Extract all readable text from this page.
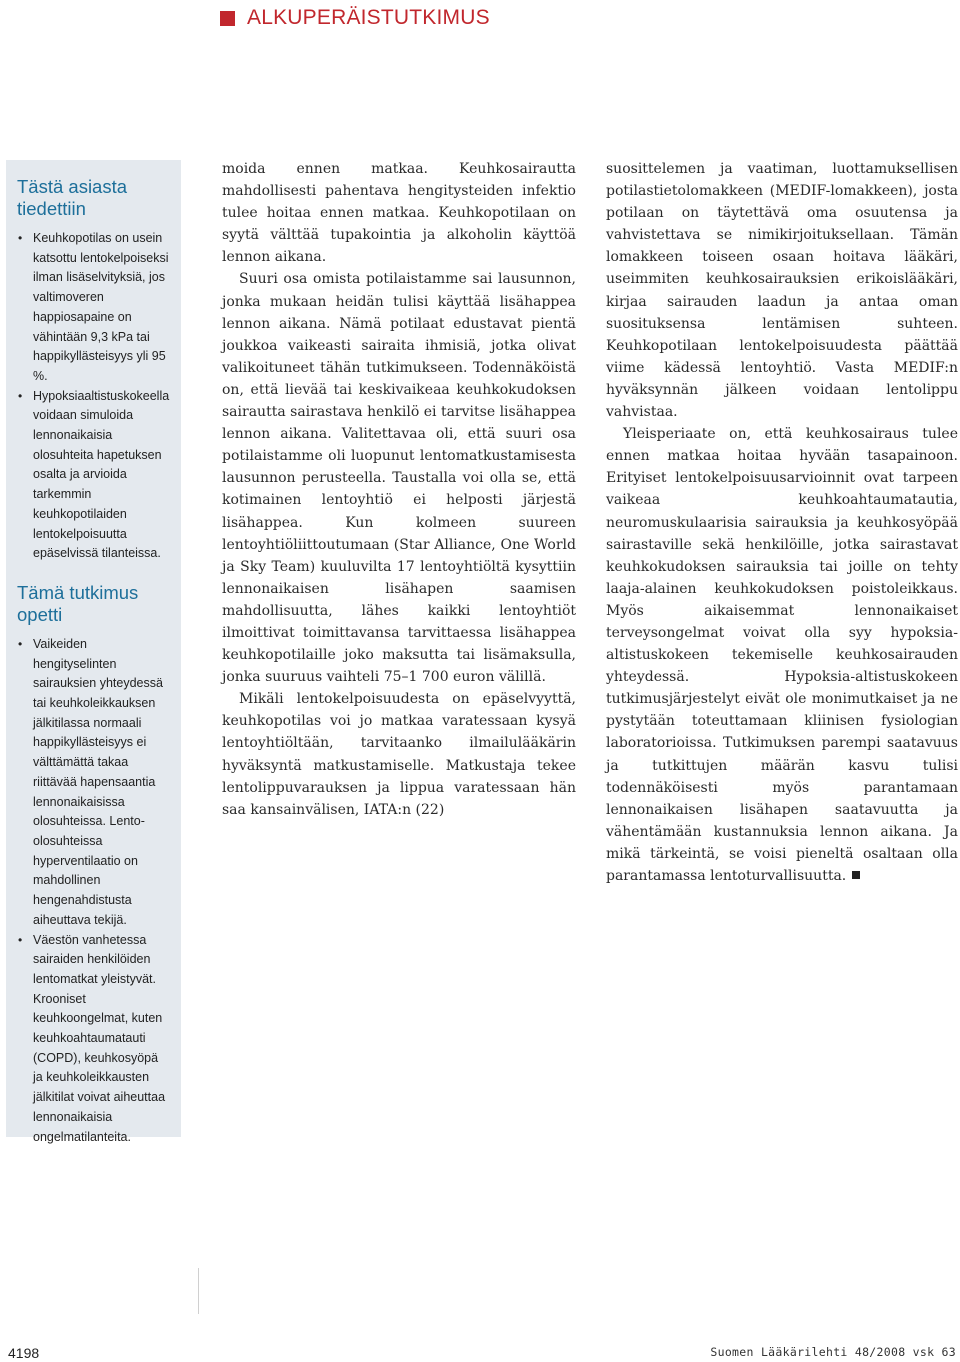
ALKUPERÄISTUTKIMUS
Tästä asiasta tiedettiin
• Keuhkopotilas on usein katsottu lentokelpoiseksi ilman lisäselvityksiä, jos valtimoveren happiosapaine on vähintään 9,3 kPa tai happikyllästeisyys yli 95 %.
• Hypoksiaaltistuskokeella voidaan simuloida lennonaikaisia olosuhteita hapetuksen osalta ja arvioida tarkemmin keuhkopotilaiden lentokelpoisuutta epäselvissä tilanteissa.
Tämä tutkimus opetti
• Vaikeiden hengityselinten sairauksien yhteydessä tai keuhkoleikkauksen jälkitilassa normaali happikyllästeisyys ei välttämättä takaa riittävää hapensaantia lennonaikaisissa olosuhteissa. Lento-olosuhteissa hyperventilaatio on mahdollinen hengenahdistusta aiheuttava tekijä.
• Väestön vanhetessa sairaiden henkilöiden lentomatkat yleistyvät. Krooniset keuhkoongelmat, kuten keuhkoahtaumatauti (COPD), keuhkosyöpä ja keuhkoleikkausten jälkitilat voivat aiheuttaa lennonaikaisia ongelmatilanteita.

moida ennen matkaa. Keuhkosairautta mahdollisesti pahentava hengitysteiden infektio tulee hoitaa ennen matkaa. Keuhkopotilaan on syytä välttää tupakointia ja alkoholin käyttöä lennon aikana.

Suuri osa omista potilaistamme sai lausunnon, jonka mukaan heidän tulisi käyttää lisähappea lennon aikana. Nämä potilaat edustavat pientä joukkoa vaikeasti sairaita ihmisiä, jotka olivat valikoituneet tähän tutkimukseen. Todennäköistä on, että lievää tai keskivaikeaa keuhkokudoksen sairautta sairastava henkilö ei tarvitse lisähappea lennon aikana. Valitettavaa oli, että suuri osa potilaistamme oli luopunut lentomatkustamisesta lausunnon perusteella. Taustalla voi olla se, että kotimainen lentoyhtiö ei helposti järjestä lisähappea. Kun kolmeen suureen lentoyhtiöliittoutumaan (Star Alliance, One World ja Sky Team) kuuluvilta 17 lentoyhtiöltä kysyttiin lennonaikaisen lisähapen saamisen mahdollisuutta, lähes kaikki lentoyhtiöt ilmoittivat toimittavansa tarvittaessa lisähappea keuhkopotilaille joko maksutta tai lisämaksulla, jonka suuruus vaihteli 75–1 700 euron välillä.

Mikäli lentokelpoisuudesta on epäselvyyttä, keuhkopotilas voi jo matkaa varatessaan kysyä lentoyhtiöltään, tarvitaanko ilmailulääkärin hyväksyntä matkustamiselle. Matkustaja tekee lentolippuvarauksen ja lippua varatessaan hän saa kansainvälisen, IATA:n (22)

suosittelemen ja vaatiman, luottamuksellisen potilastietolomakkeen (MEDIF-lomakkeen), josta potilaan on täytettävä oma osuutensa ja vahvistettava se nimikirjoituksellaan. Tämän lomakkeen toiseen osaan hoitava lääkäri, useimmiten keuhkosairauksien erikoislääkäri, kirjaa sairauden laadun ja antaa oman suosituksensa lentämisen suhteen. Keuhkopotilaan lentokelpoisuudesta päättää viime kädessä lentoyhtiö. Vasta MEDIF:n hyväksynnän jälkeen voidaan lentolippu vahvistaa.

Yleisperiaate on, että keuhkosairaus tulee ennen matkaa hoitaa hyvään tasapainoon. Erityiset lentokelpoisuusarvioinnit ovat tarpeen vaikeaa keuhkoahtaumatautia, neuromuskulaarisia sairauksia ja keuhkosyöpää sairastaville sekä henkilöille, jotka sairastavat keuhkokudoksen sairauksia tai joille on tehty laaja-alainen keuhkokudoksen poistoleikkaus. Myös aikaisemmat lennonaikaiset terveysongelmat voivat olla syy hypoksia-altistuskokeen tekemiselle keuhkosairauden yhteydessä. Hypoksia-altistuskokeen tutkimusjärjestelyt eivät ole monimutkaiset ja ne pystytään toteuttamaan kliinisen fysiologian laboratorioissa. Tutkimuksen parempi saatavuus ja tutkittujen määrän kasvu tulisi todennäköisesti myös parantamaan lennonaikaisen lisähapen saatavuutta ja vähentämään kustannuksia lennon aikana. Ja mikä tärkeintä, se voisi pieneltä osaltaan olla parantamassa lentoturvallisuutta.

4198	Suomen Lääkärilehti 48/2008 vsk 63
